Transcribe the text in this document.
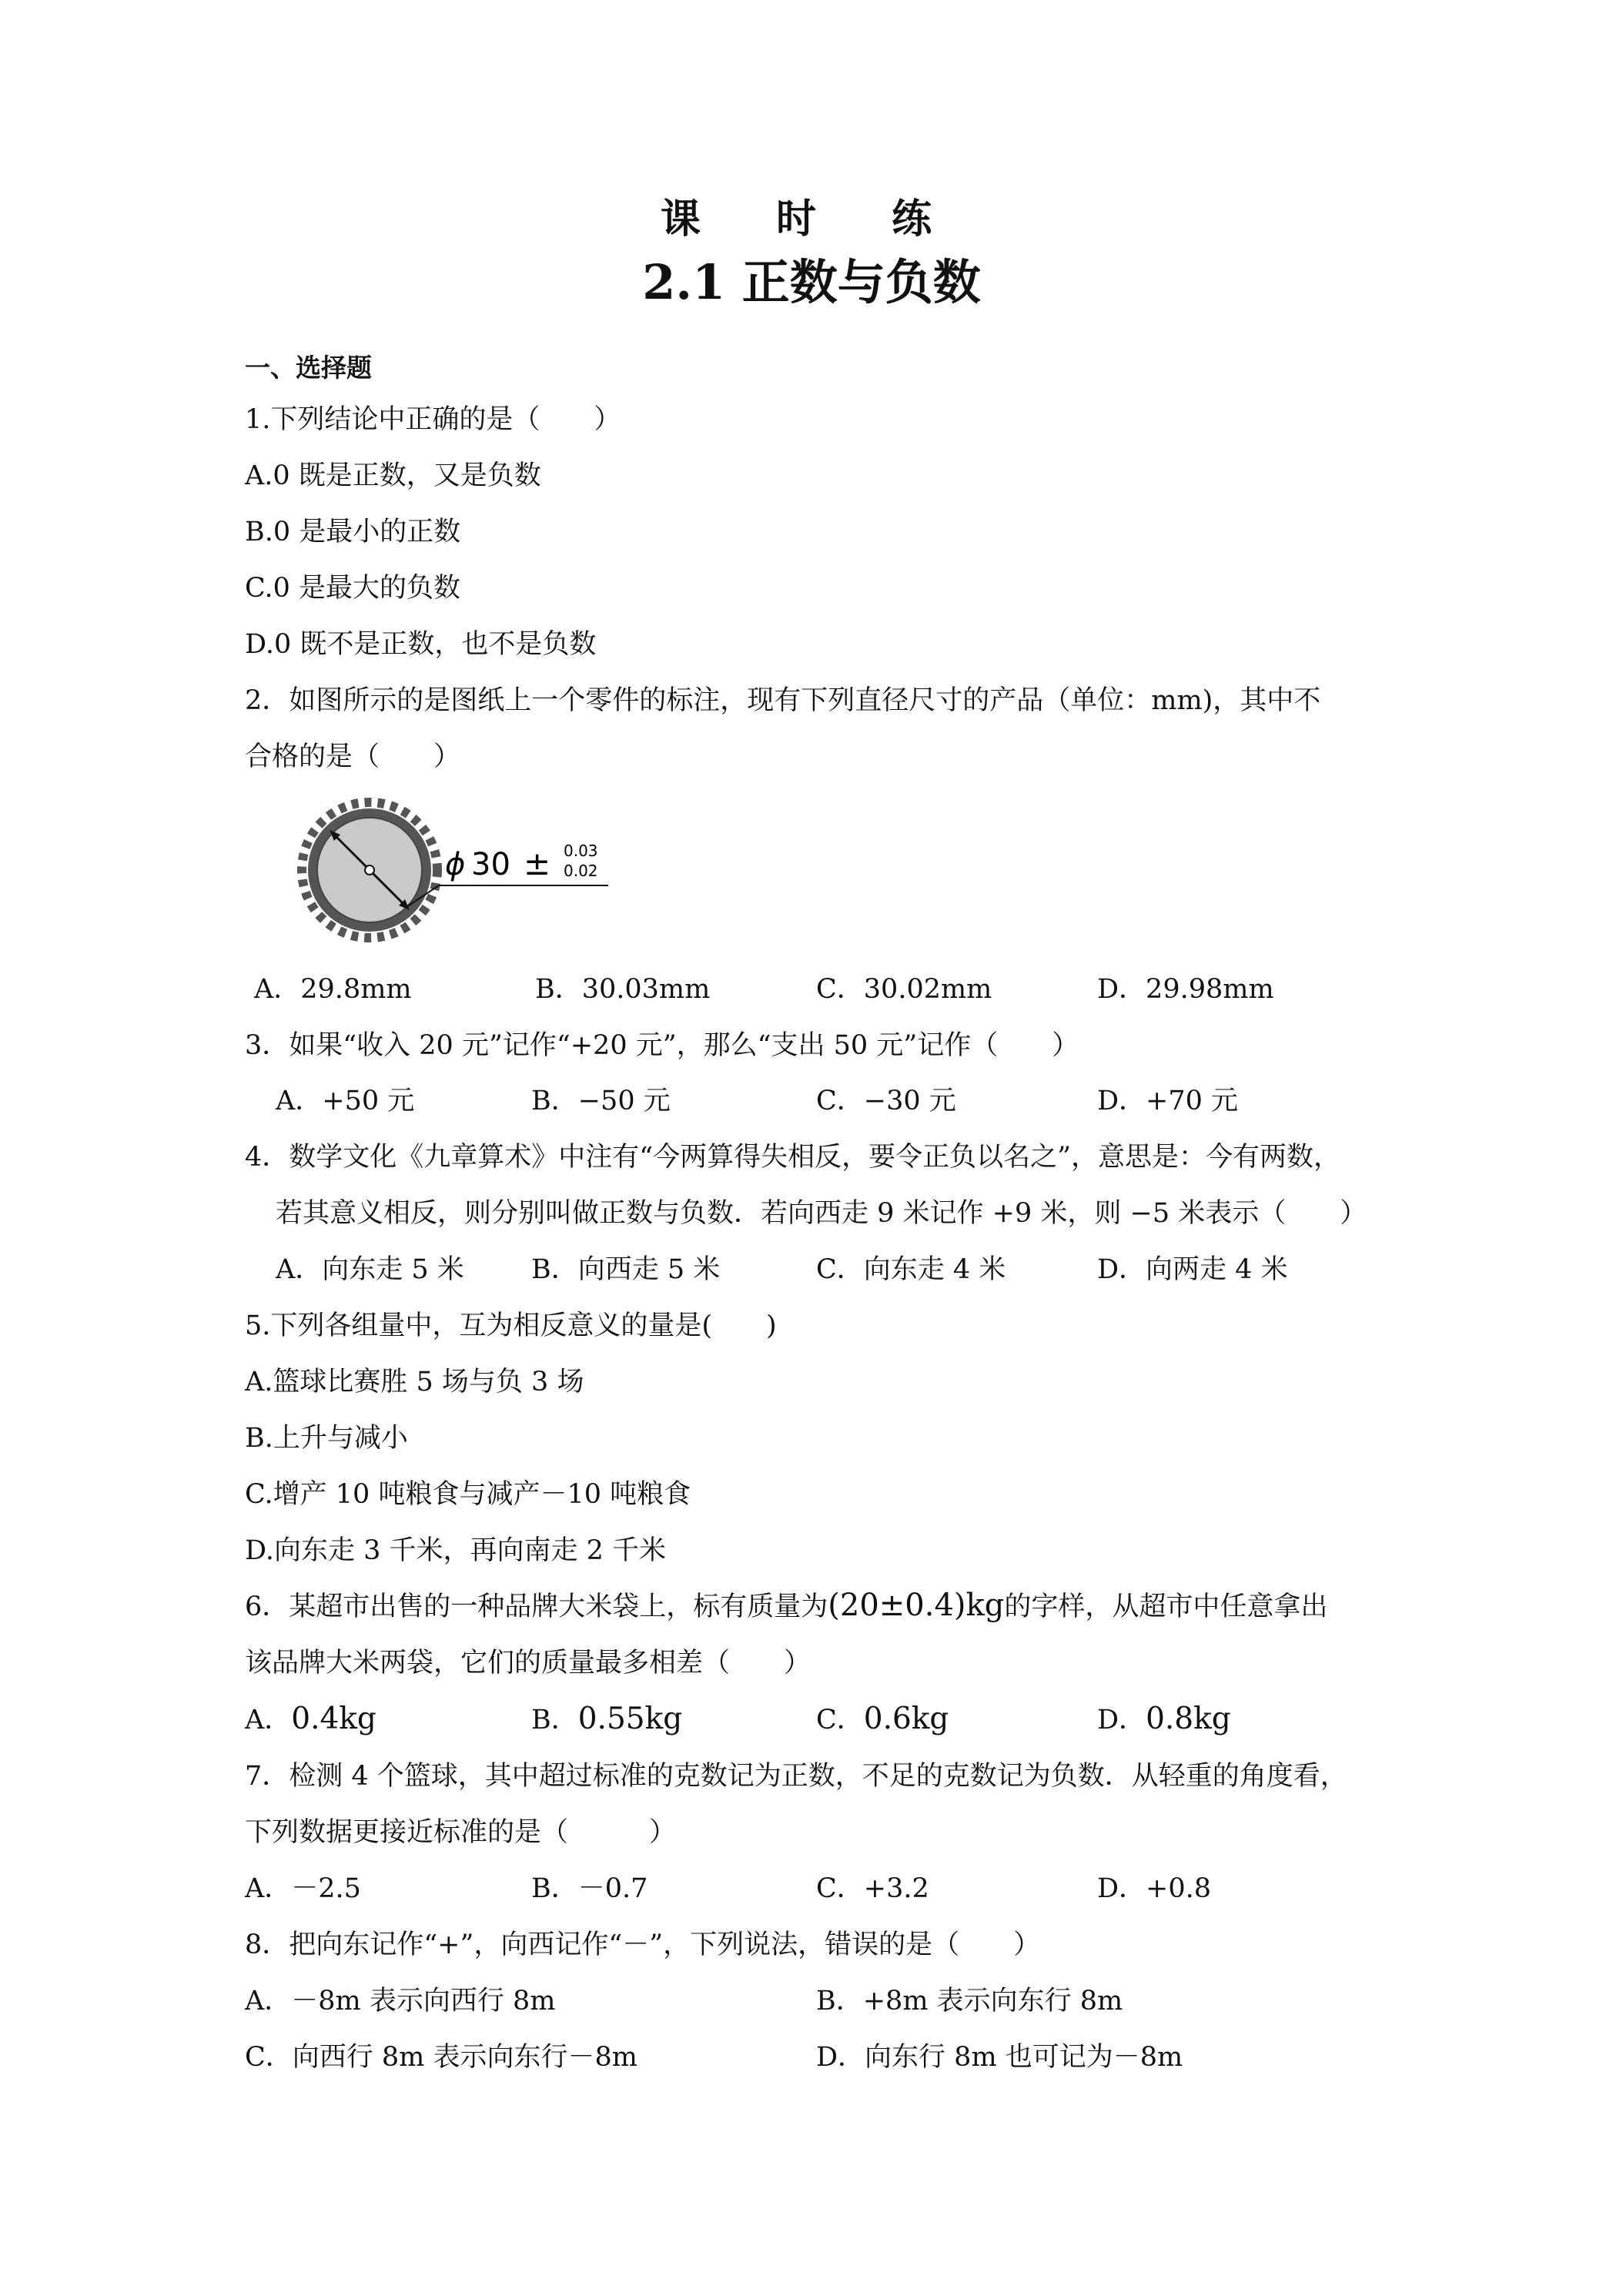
课 时 练
2.1 正数与负数
一、选择题
1.下列结论中正确的是（　　）
A.0 既是正数，又是负数
B.0 是最小的正数
C.0 是最大的负数
D.0 既不是正数，也不是负数
2．如图所示的是图纸上一个零件的标注，现有下列直径尺寸的产品（单位：mm)，其中不
合格的是（　　）
ϕ 30 ± 0.03
0.02
A．29.8mm	B．30.03mm	C．30.02mm	D．29.98mm
3．如果“收入 20 元”记作“+20 元”，那么“支出 50 元”记作（　　）
A．+50 元	B．−50 元	C．−30 元	D．+70 元
4．数学文化《九章算术》中注有“今两算得失相反，要令正负以名之”，意思是：今有两数，
若其意义相反，则分别叫做正数与负数．若向西走 9 米记作 +9 米，则 −5 米表示（　　）
A．向东走 5 米 B．向西走 5 米	C．向东走 4 米	D．向两走 4 米
5.下列各组量中，互为相反意义的量是(　　)
A.篮球比赛胜 5 场与负 3 场
B.上升与减小
C.增产 10 吨粮食与减产－10 吨粮食
D.向东走 3 千米，再向南走 2 千米
6．某超市出售的一种品牌大米袋上，标有质量为(20±0.4)kg的字样，从超市中任意拿出
该品牌大米两袋，它们的质量最多相差（　　）
A．0.4kg	B．0.55kg	C．0.6kg	D．0.8kg
7．检测 4 个篮球，其中超过标准的克数记为正数，不足的克数记为负数．从轻重的角度看，
下列数据更接近标准的是（　　　）
A．－2.5	B．－0.7	C．+3.2	D．+0.8
8．把向东记作“+”，向西记作“－”，下列说法，错误的是（　　）
A．－8m 表示向西行 8m	B．+8m 表示向东行 8m
C．向西行 8m 表示向东行－8m	D．向东行 8m 也可记为－8m
